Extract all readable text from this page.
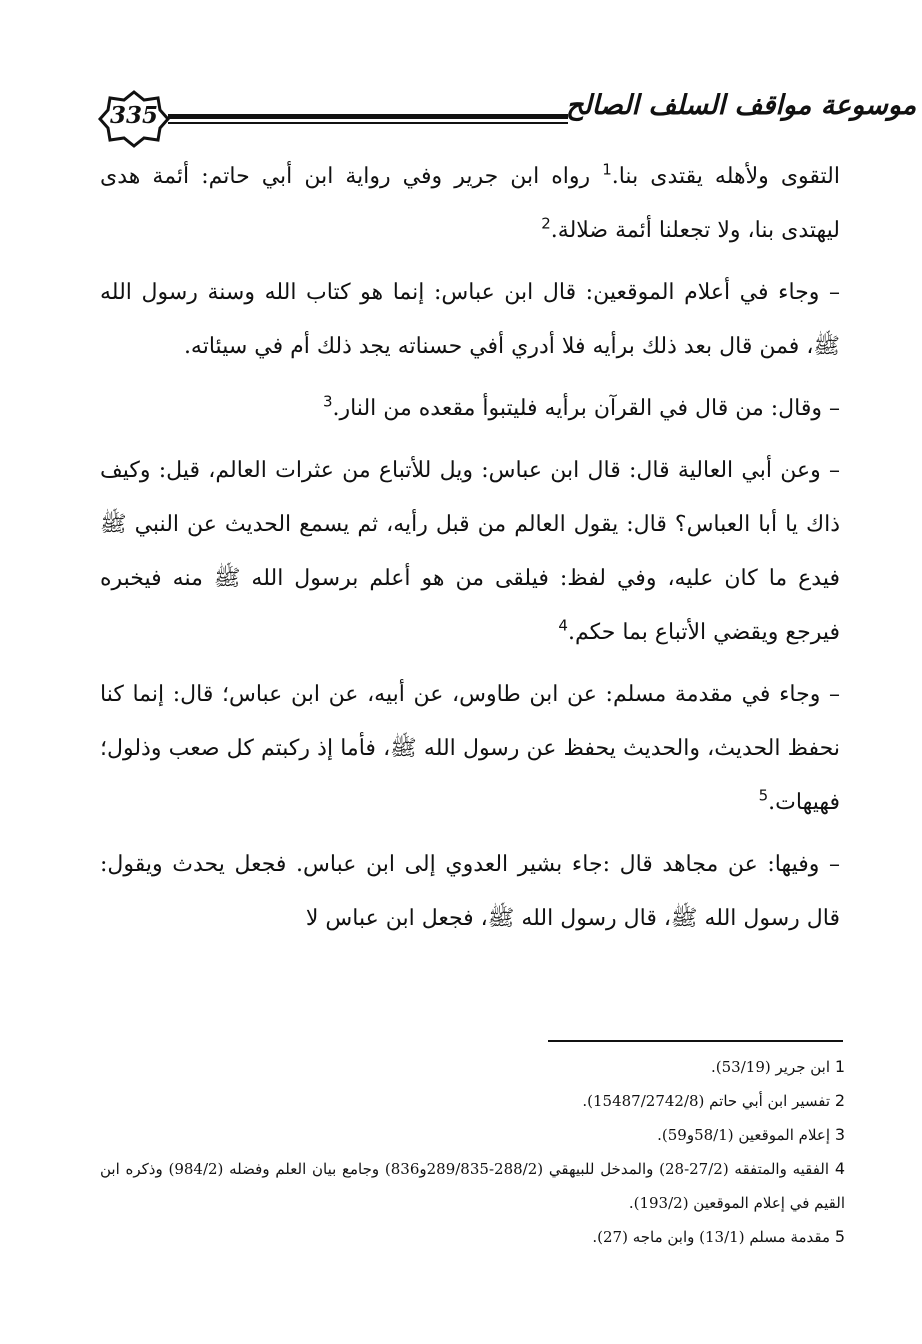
335	موسوعة مواقف السلف الصالح

التقوى ولأهله يقتدى بنا.$^1$ رواه ابن جرير وفي رواية ابن أبي حاتم: أئمة هدى ليهتدى بنا، ولا تجعلنا أئمة ضلالة.$^2$

– وجاء في أعلام الموقعين: قال ابن عباس: إنما هو كتاب الله وسنة رسول الله ﷺ، فمن قال بعد ذلك برأيه فلا أدري أفي حسناته يجد ذلك أم في سيئاته.

– وقال: من قال في القرآن برأيه فليتبوأ مقعده من النار.$^3$

– وعن أبي العالية قال: قال ابن عباس: ويل للأتباع من عثرات العالم، قيل: وكيف ذاك يا أبا العباس؟ قال: يقول العالم من قبل رأيه، ثم يسمع الحديث عن النبي ﷺ فيدع ما كان عليه، وفي لفظ: فيلقى من هو أعلم برسول الله ﷺ منه فيخبره فيرجع ويقضي الأتباع بما حكم.$^4$

– وجاء في مقدمة مسلم: عن ابن طاوس، عن أبيه، عن ابن عباس؛ قال: إنما كنا نحفظ الحديث، والحديث يحفظ عن رسول الله ﷺ، فأما إذ ركبتم كل صعب وذلول؛ فهيهات.$^5$

– وفيها: عن مجاهد قال :جاء بشير العدوي إلى ابن عباس. فجعل يحدث ويقول: قال رسول الله ﷺ، قال رسول الله ﷺ، فجعل ابن عباس لا

1 ابن جرير (53/19).

2 تفسير ابن أبي حاتم (15487/2742/8).

3 إعلام الموقعين (58/1و59).

4 الفقيه والمتفقه (27/2-28) والمدخل للبيهقي (288/2-289/835و836) وجامع بيان العلم وفضله (984/2) وذكره ابن القيم في إعلام الموقعين (193/2).

5 مقدمة مسلم (13/1) وابن ماجه (27).
